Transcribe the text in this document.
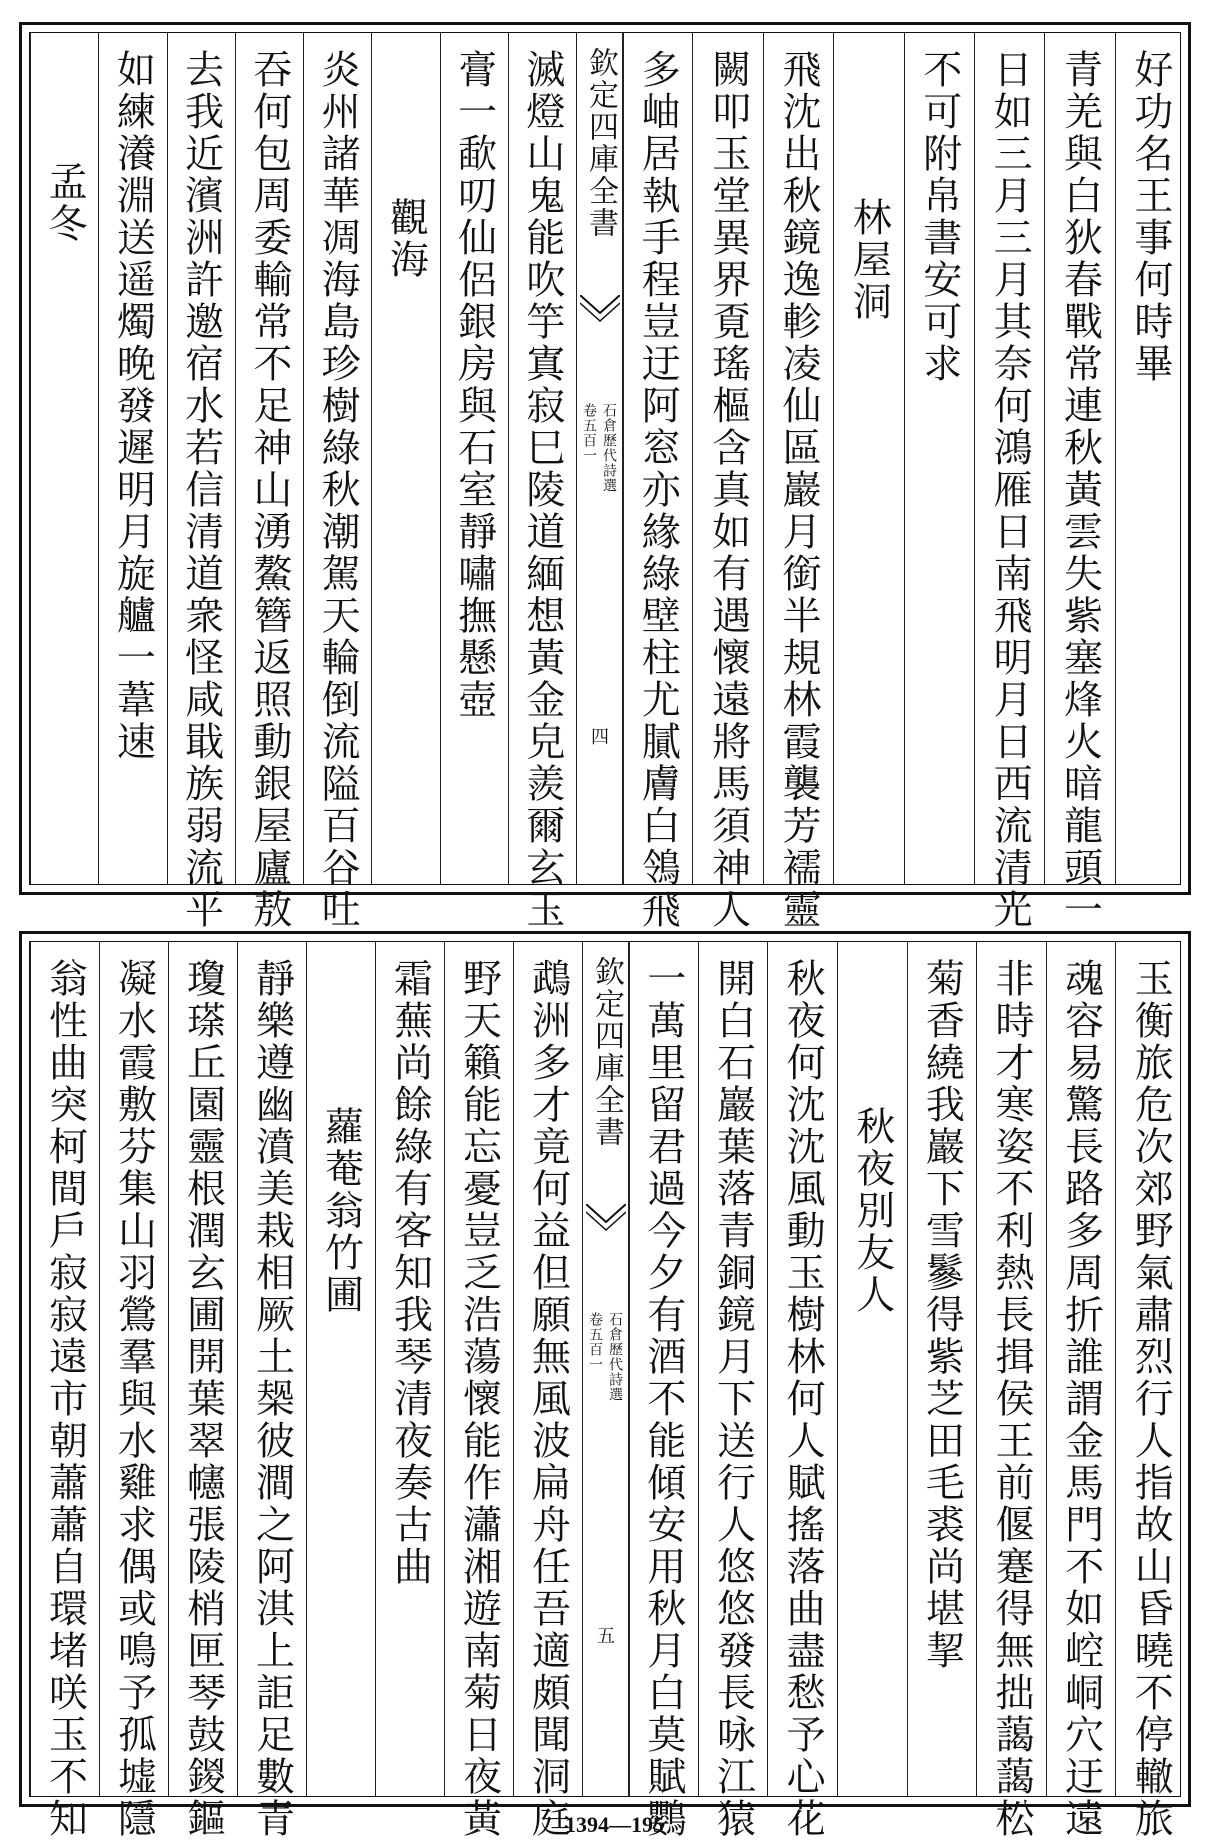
好功名王事何時畢
青羌與白狄春戰常連秋黃雲失紫塞烽火暗龍頭一
日如三月三月其奈何鴻雁日南飛明月日西流清光
不可附帛書安可求
林屋洞
飛沈出秋鏡逸軫凌仙區巖月銜半規林霞襲芳襦靈
闕叩玉堂異界覔瑤樞含真如有遇懷遠將馬須神人
多岫居執手程豈迂阿窓亦緣綠壁柱尤膩膚白鴒飛
滅燈山鬼能吹竽寘寂巳陵道緬想黃金皃羨爾玄玉
膏一歃叨仙侶銀房與石室靜嘯撫懸壺
觀海
炎州諸華凋海島珍樹綠秋潮駕天輪倒流隘百谷吐
吞何包周委輸常不足神山湧鰲簪返照動銀屋廬敖
去我近濱洲許邀宿水若信清道衆怪咸戢族弱流平
如練瀁淵送遥燭晚發遲明月旋艫一葦速
孟冬	欽定四庫全書
石倉歷代詩選
卷五百一
四
玉衡旅危次郊野氣肅烈行人指故山昏曉不停轍旅
魂容易驚長路多周折誰謂金馬門不如崆峒穴迂遠
非時才寒姿不利熱長揖侯王前偃蹇得無拙藹藹松
菊香繞我巖下雪鬖得紫芝田毛裘尚堪挈
秋夜別友人
秋夜何沈沈風動玉樹林何人賦搖落曲盡愁予心花
開白石巖葉落青銅鏡月下送行人悠悠發長咏江猿
一萬里留君過今夕有酒不能傾安用秋月白莫賦鸚
鵡洲多才竟何益但願無風波扁舟任吾適頗聞洞庭
野天籟能忘憂豈乏浩蕩懷能作瀟湘遊南菊日夜黃
霜蕪尚餘綠有客知我琴清夜奏古曲
蘿菴翁竹圃
靜樂遵幽濆美栽相厥土椝彼澗之阿淇上詎足數青
瓊瑹丘園靈根潤玄圃開葉翠幰張陵梢匣琴鼓鍐鏂
凝水霞敷芬集山羽鶯羣與水雞求偶或鳴予孤墟隱
翁性曲突柯間戶寂寂遠市朝蕭蕭自環堵咲玉不知	欽定四庫全書
石倉歷代詩選
卷五百一
五
1394—195
